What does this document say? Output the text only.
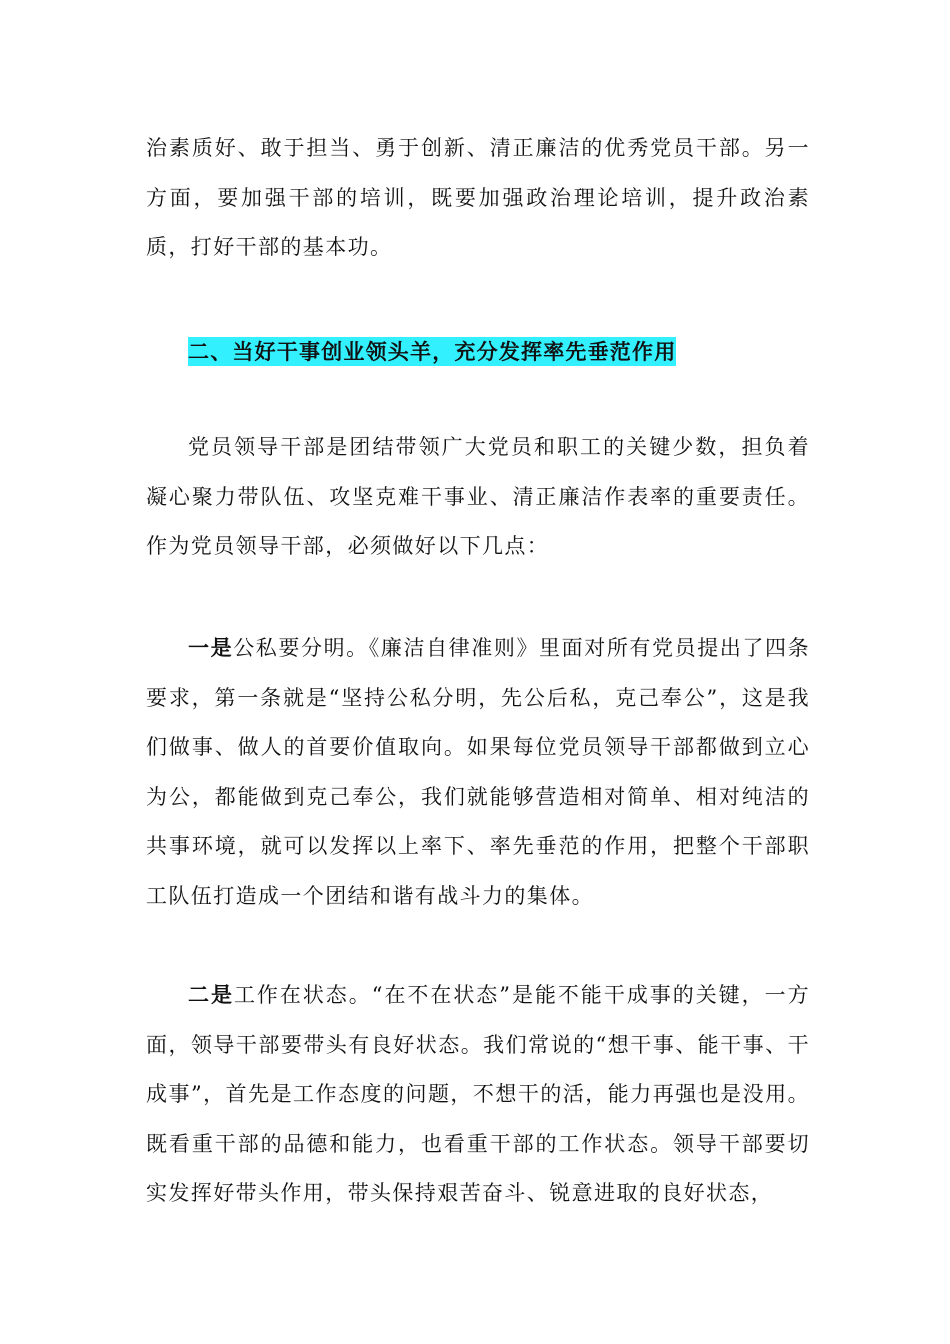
治素质好、敢于担当、勇于创新、清正廉洁的优秀党员干部。另一方面，要加强干部的培训，既要加强政治理论培训，提升政治素质，打好干部的基本功。

二、当好干事创业领头羊，充分发挥率先垂范作用

党员领导干部是团结带领广大党员和职工的关键少数，担负着凝心聚力带队伍、攻坚克难干事业、清正廉洁作表率的重要责任。作为党员领导干部，必须做好以下几点：

一是公私要分明。《廉洁自律准则》里面对所有党员提出了四条要求，第一条就是“坚持公私分明，先公后私，克己奉公”，这是我们做事、做人的首要价值取向。如果每位党员领导干部都做到立心为公，都能做到克己奉公，我们就能够营造相对简单、相对纯洁的共事环境，就可以发挥以上率下、率先垂范的作用，把整个干部职工队伍打造成一个团结和谐有战斗力的集体。

二是工作在状态。“在不在状态”是能不能干成事的关键，一方面，领导干部要带头有良好状态。我们常说的“想干事、能干事、干成事”，首先是工作态度的问题，不想干的活，能力再强也是没用。既看重干部的品德和能力，也看重干部的工作状态。领导干部要切实发挥好带头作用，带头保持艰苦奋斗、锐意进取的良好状态，
